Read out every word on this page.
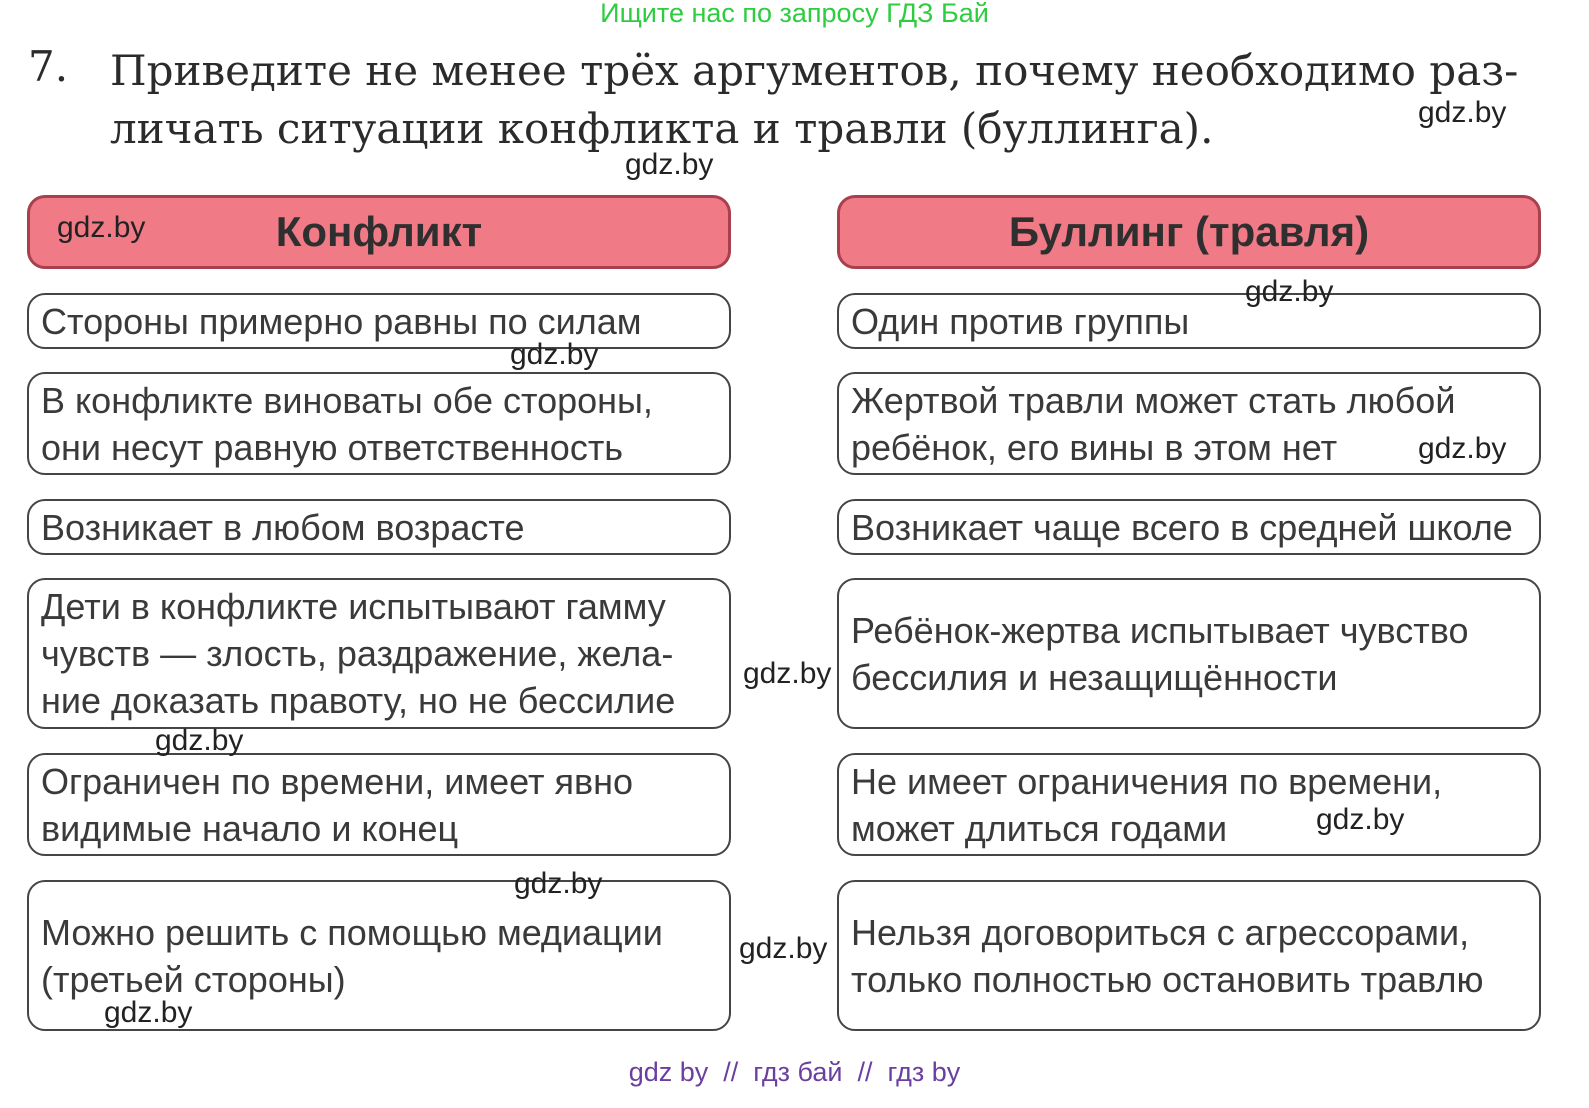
Ищите нас по запросу ГДЗ Бай
7. Приведите не менее трёх аргументов, почему необходимо раз-
личать ситуации конфликта и травли (буллинга).
Конфликт	Буллинг (травля)
Стороны примерно равны по силам
В конфликте виноваты обе стороны,
они несут равную ответственность
Возникает в любом возрасте
Дети в конфликте испытывают гамму
чувств — злость, раздражение, жела-
ние доказать правоту, но не бессилие
Ограничен по времени, имеет явно
видимые начало и конец
Можно решить с помощью медиации
(третьей стороны)
Один против группы
Жертвой травли может стать любой
ребёнок, его вины в этом нет
Возникает чаще всего в средней школе
Ребёнок-жертва испытывает чувство
бессилия и незащищённости
Не имеет ограничения по времени,
может длиться годами
Нельзя договориться с агрессорами,
только полностью остановить травлю
gdz.by
gdz.by
gdz.by
gdz.by
gdz.by
gdz.by
gdz.by
gdz.by
gdz.by
gdz.by
gdz.by
gdz.by
gdz by  //  гдз бай  //  гдз by
